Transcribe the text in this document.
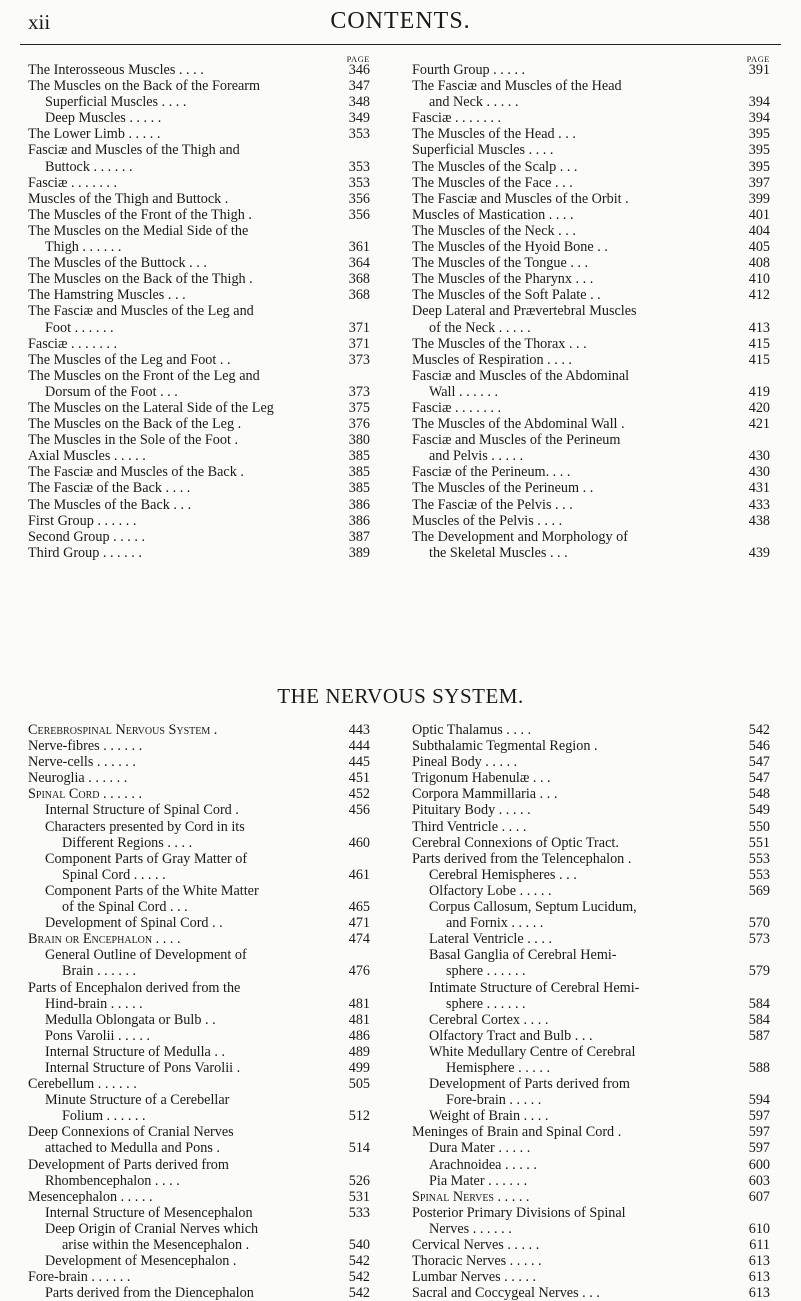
xii	CONTENTS.
PAGE
The Interosseous Muscles . . . .	346
The Muscles on the Back of the Forearm	347
Superficial Muscles . . . .	348
Deep Muscles . . . . .	349
The Lower Limb . . . . .	353
Fasciæ and Muscles of the Thigh and
Buttock . . . . . .	353
Fasciæ . . . . . . .	353
Muscles of the Thigh and Buttock .	356
The Muscles of the Front of the Thigh .	356
The Muscles on the Medial Side of the
Thigh . . . . . .	361
The Muscles of the Buttock . . .	364
The Muscles on the Back of the Thigh .	368
The Hamstring Muscles . . .	368
The Fasciæ and Muscles of the Leg and
Foot . . . . . .	371
Fasciæ . . . . . . .	371
The Muscles of the Leg and Foot . .	373
The Muscles on the Front of the Leg and
Dorsum of the Foot . . .	373
The Muscles on the Lateral Side of the Leg	375
The Muscles on the Back of the Leg .	376
The Muscles in the Sole of the Foot .	380
Axial Muscles . . . . .	385
The Fasciæ and Muscles of the Back .	385
The Fasciæ of the Back . . . .	385
The Muscles of the Back . . .	386
First Group . . . . . .	386
Second Group . . . . .	387
Third Group . . . . . .	389
PAGE
Fourth Group . . . . .	391
The Fasciæ and Muscles of the Head
and Neck . . . . .	394
Fasciæ . . . . . . .	394
The Muscles of the Head . . .	395
Superficial Muscles . . . .	395
The Muscles of the Scalp . . .	395
The Muscles of the Face . . .	397
The Fasciæ and Muscles of the Orbit .	399
Muscles of Mastication . . . .	401
The Muscles of the Neck . . .	404
The Muscles of the Hyoid Bone . .	405
The Muscles of the Tongue . . .	408
The Muscles of the Pharynx . . .	410
The Muscles of the Soft Palate . .	412
Deep Lateral and Prævertebral Muscles
of the Neck . . . . .	413
The Muscles of the Thorax . . .	415
Muscles of Respiration . . . .	415
Fasciæ and Muscles of the Abdominal
Wall . . . . . .	419
Fasciæ . . . . . . .	420
The Muscles of the Abdominal Wall .	421
Fasciæ and Muscles of the Perineum
and Pelvis . . . . .	430
Fasciæ of the Perineum. . . .	430
The Muscles of the Perineum . .	431
The Fasciæ of the Pelvis . . .	433
Muscles of the Pelvis . . . .	438
The Development and Morphology of
the Skeletal Muscles . . .	439
THE NERVOUS SYSTEM.
Cerebrospinal Nervous System .	443
Nerve-fibres . . . . . .	444
Nerve-cells . . . . . .	445
Neuroglia . . . . . .	451
Spinal Cord . . . . . .	452
Internal Structure of Spinal Cord .	456
Characters presented by Cord in its
Different Regions . . . .	460
Component Parts of Gray Matter of
Spinal Cord . . . . .	461
Component Parts of the White Matter
of the Spinal Cord . . .	465
Development of Spinal Cord . .	471
Brain or Encephalon . . . .	474
General Outline of Development of
Brain . . . . . .	476
Parts of Encephalon derived from the
Hind-brain . . . . .	481
Medulla Oblongata or Bulb . .	481
Pons Varolii . . . . .	486
Internal Structure of Medulla . .	489
Internal Structure of Pons Varolii .	499
Cerebellum . . . . . .	505
Minute Structure of a Cerebellar
Folium . . . . . .	512
Deep Connexions of Cranial Nerves
attached to Medulla and Pons .	514
Development of Parts derived from
Rhombencephalon . . . .	526
Mesencephalon . . . . .	531
Internal Structure of Mesencephalon	533
Deep Origin of Cranial Nerves which
arise within the Mesencephalon .	540
Development of Mesencephalon .	542
Fore-brain . . . . . .	542
Parts derived from the Diencephalon	542
Optic Thalamus . . . .	542
Subthalamic Tegmental Region .	546
Pineal Body . . . . .	547
Trigonum Habenulæ . . .	547
Corpora Mammillaria . . .	548
Pituitary Body . . . . .	549
Third Ventricle . . . .	550
Cerebral Connexions of Optic Tract.	551
Parts derived from the Telencephalon .	553
Cerebral Hemispheres . . .	553
Olfactory Lobe . . . . .	569
Corpus Callosum, Septum Lucidum,
and Fornix . . . . .	570
Lateral Ventricle . . . .	573
Basal Ganglia of Cerebral Hemi-
sphere . . . . . .	579
Intimate Structure of Cerebral Hemi-
sphere . . . . . .	584
Cerebral Cortex . . . .	584
Olfactory Tract and Bulb . . .	587
White Medullary Centre of Cerebral
Hemisphere . . . . .	588
Development of Parts derived from
Fore-brain . . . . .	594
Weight of Brain . . . .	597
Meninges of Brain and Spinal Cord .	597
Dura Mater . . . . .	597
Arachnoidea . . . . .	600
Pia Mater . . . . . .	603
Spinal Nerves . . . . .	607
Posterior Primary Divisions of Spinal
Nerves . . . . . .	610
Cervical Nerves . . . . .	611
Thoracic Nerves . . . . .	613
Lumbar Nerves . . . . .	613
Sacral and Coccygeal Nerves . . .	613
